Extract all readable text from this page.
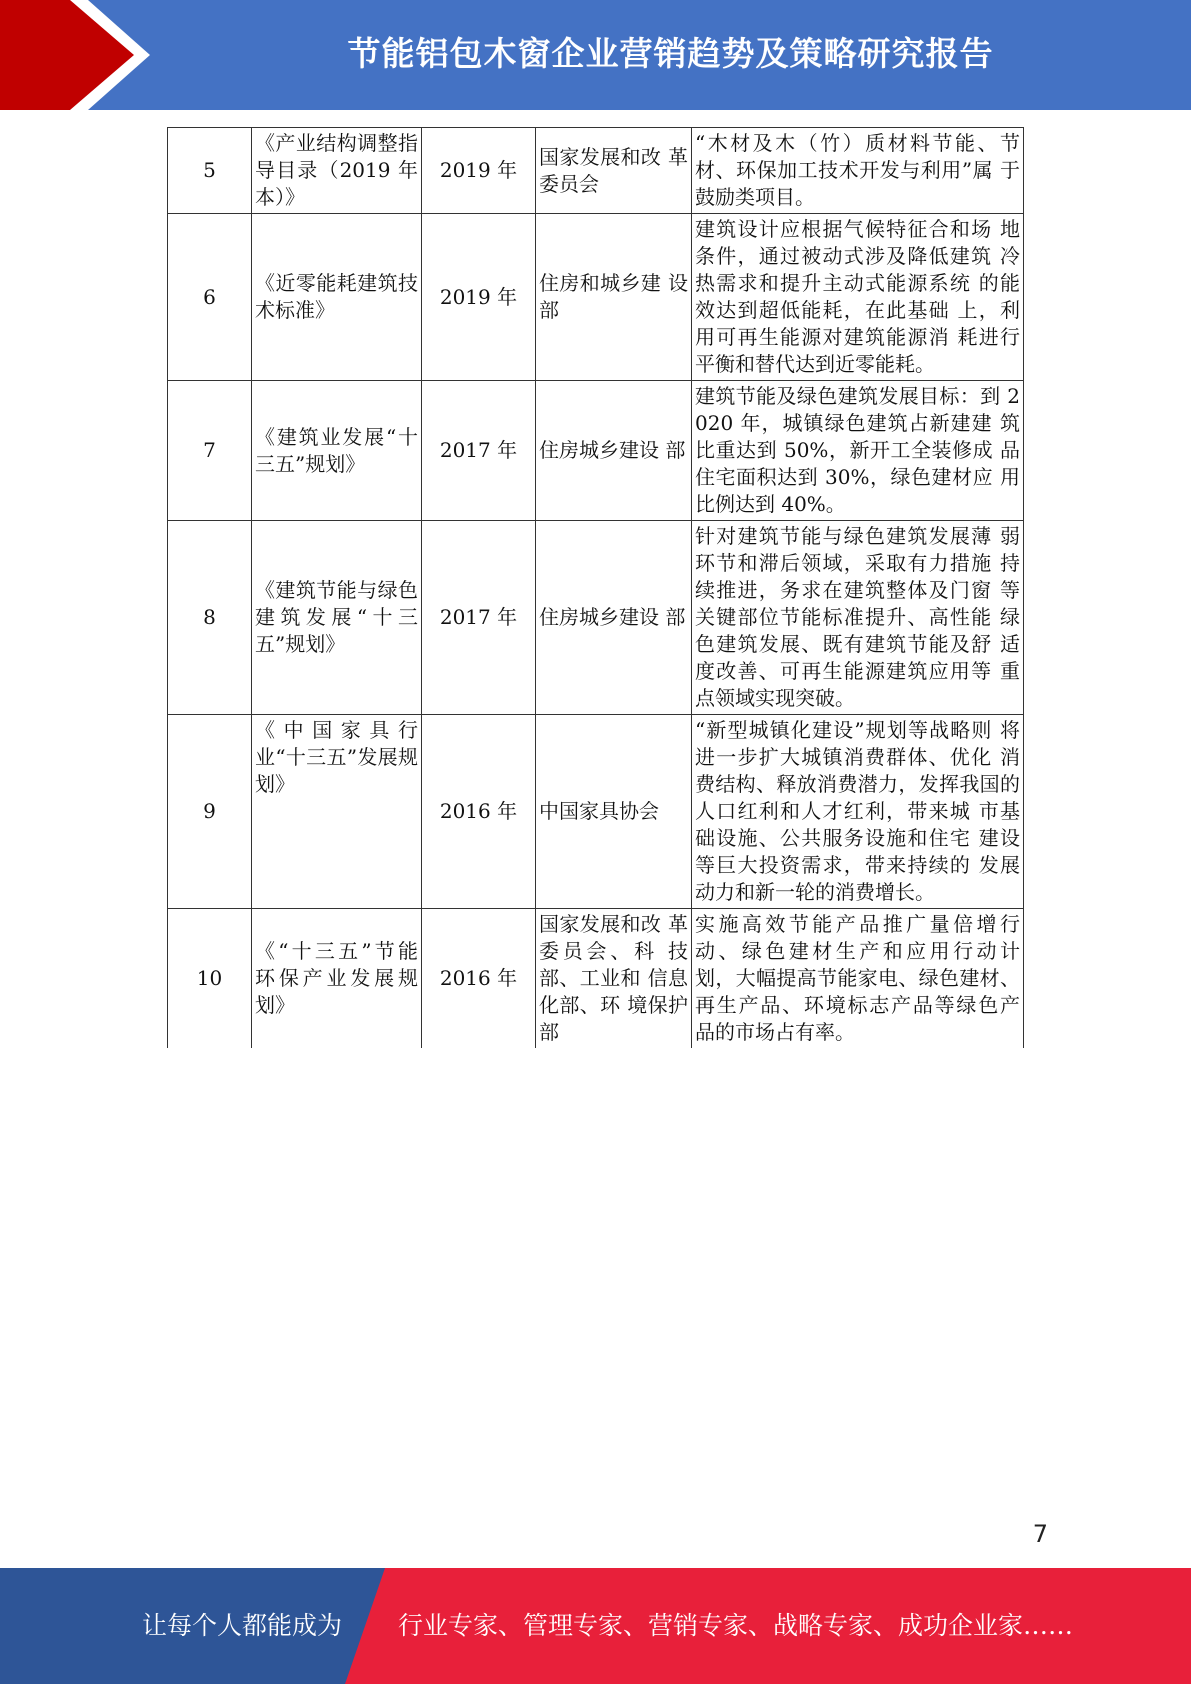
节能铝包木窗企业营销趋势及策略研究报告
5	《产业结构调整指导目录（2019 年本）》	2019 年	国家发展和改 革委员会	“木材及木（竹）质材料节能、节 材、环保加工技术开发与利用”属 于鼓励类项目。
6	《近零能耗建筑技术标准》	2019 年	住房和城乡建 设部	建筑设计应根据气候特征合和场 地条件，通过被动式涉及降低建筑 冷热需求和提升主动式能源系统 的能效达到超低能耗，在此基础 上，利用可再生能源对建筑能源消 耗进行平衡和替代达到近零能耗。
7	《建筑业发展“十三五”规划》	2017 年	住房城乡建设 部	建筑节能及绿色建筑发展目标：到 2020 年，城镇绿色建筑占新建建 筑比重达到 50%，新开工全装修成 品住宅面积达到 30%，绿色建材应 用比例达到 40%。
8	《建筑节能与绿色建筑发展“十三五”规划》	2017 年	住房城乡建设 部	针对建筑节能与绿色建筑发展薄 弱环节和滞后领域，采取有力措施 持续推进，务求在建筑整体及门窗 等关键部位节能标准提升、高性能 绿色建筑发展、既有建筑节能及舒 适度改善、可再生能源建筑应用等 重点领域实现突破。
9	《中国家具行业“十三五”发展规划》	2016 年	中国家具协会	“新型城镇化建设”规划等战略则 将进一步扩大城镇消费群体、优化 消费结构、释放消费潜力，发挥我国的人口红利和人才红利，带来城 市基础设施、公共服务设施和住宅 建设等巨大投资需求，带来持续的 发展动力和新一轮的消费增长。
10	《“十三五”节能 环保产业发展规 划》	2016 年	国家发展和改 革委员会、科 技部、工业和 信息化部、环 境保护部	实施高效节能产品推广量倍增行 动、绿色建材生产和应用行动计 划，大幅提高节能家电、绿色建材、 再生产品、环境标志产品等绿色产 品的市场占有率。
7
让每个人都能成为 行业专家、管理专家、营销专家、战略专家、成功企业家……
